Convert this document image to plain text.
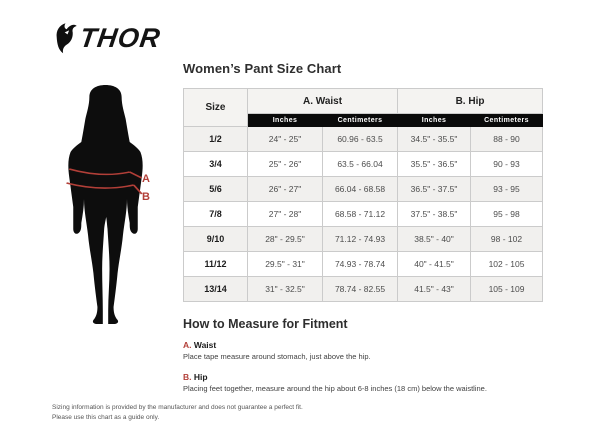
THOR
A
B
Women’s Pant Size Chart
Size	A. Waist		B. Hip	
	Inches	Centimeters	Inches	Centimeters
1/2	24" - 25"	60.96 - 63.5	34.5" - 35.5"	88 - 90
3/4	25" - 26"	63.5 - 66.04	35.5" - 36.5"	90 - 93
5/6	26" - 27"	66.04 - 68.58	36.5" - 37.5"	93 - 95
7/8	27" - 28"	68.58 - 71.12	37.5" - 38.5"	95 - 98
9/10	28" - 29.5"	71.12 - 74.93	38.5" - 40"	98 - 102
11/12	29.5" - 31"	74.93 - 78.74	40" - 41.5"	102 - 105
13/14	31" - 32.5"	78.74 - 82.55	41.5" - 43"	105 - 109
How to Measure for Fitment
A. Waist
Place tape measure around stomach, just above the hip.
B. Hip
Placing feet together, measure around the hip about 6-8 inches (18 cm) below the waistline.
Sizing information is provided by the manufacturer and does not guarantee a perfect fit.
Please use this chart as a guide only.
